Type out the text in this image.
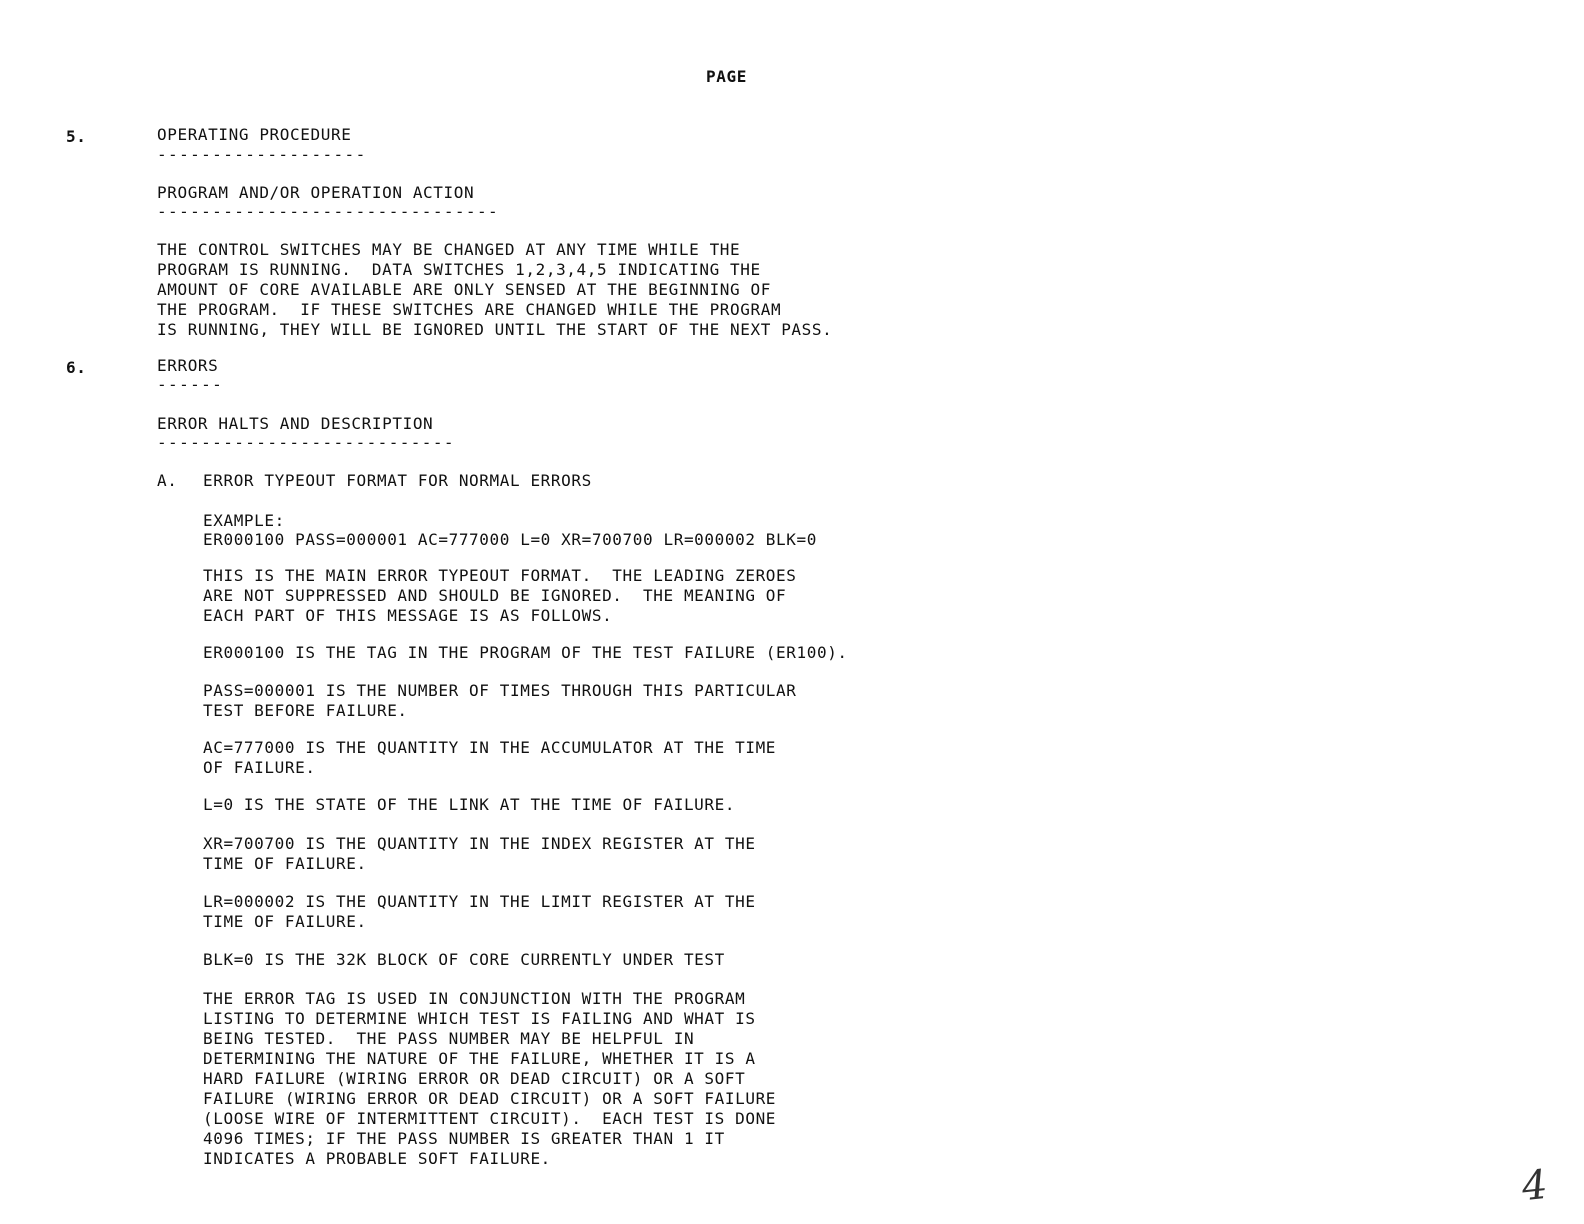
PAGE
5.	OPERATING PROCEDURE
-------------------
PROGRAM AND/OR OPERATION ACTION
-------------------------------
THE CONTROL SWITCHES MAY BE CHANGED AT ANY TIME WHILE THE
PROGRAM IS RUNNING.  DATA SWITCHES 1,2,3,4,5 INDICATING THE
AMOUNT OF CORE AVAILABLE ARE ONLY SENSED AT THE BEGINNING OF
THE PROGRAM.  IF THESE SWITCHES ARE CHANGED WHILE THE PROGRAM
IS RUNNING, THEY WILL BE IGNORED UNTIL THE START OF THE NEXT PASS.
6.	ERRORS
------
ERROR HALTS AND DESCRIPTION
---------------------------
A. ERROR TYPEOUT FORMAT FOR NORMAL ERRORS
EXAMPLE:
ER000100 PASS=000001 AC=777000 L=0 XR=700700 LR=000002 BLK=0
THIS IS THE MAIN ERROR TYPEOUT FORMAT.  THE LEADING ZEROES
ARE NOT SUPPRESSED AND SHOULD BE IGNORED.  THE MEANING OF
EACH PART OF THIS MESSAGE IS AS FOLLOWS.
ER000100 IS THE TAG IN THE PROGRAM OF THE TEST FAILURE (ER100).
PASS=000001 IS THE NUMBER OF TIMES THROUGH THIS PARTICULAR
TEST BEFORE FAILURE.
AC=777000 IS THE QUANTITY IN THE ACCUMULATOR AT THE TIME
OF FAILURE.
L=0 IS THE STATE OF THE LINK AT THE TIME OF FAILURE.
XR=700700 IS THE QUANTITY IN THE INDEX REGISTER AT THE
TIME OF FAILURE.
LR=000002 IS THE QUANTITY IN THE LIMIT REGISTER AT THE
TIME OF FAILURE.
BLK=0 IS THE 32K BLOCK OF CORE CURRENTLY UNDER TEST
THE ERROR TAG IS USED IN CONJUNCTION WITH THE PROGRAM
LISTING TO DETERMINE WHICH TEST IS FAILING AND WHAT IS
BEING TESTED.  THE PASS NUMBER MAY BE HELPFUL IN
DETERMINING THE NATURE OF THE FAILURE, WHETHER IT IS A
HARD FAILURE (WIRING ERROR OR DEAD CIRCUIT) OR A SOFT
FAILURE (WIRING ERROR OR DEAD CIRCUIT) OR A SOFT FAILURE
(LOOSE WIRE OF INTERMITTENT CIRCUIT).  EACH TEST IS DONE
4096 TIMES; IF THE PASS NUMBER IS GREATER THAN 1 IT
INDICATES A PROBABLE SOFT FAILURE.
4
